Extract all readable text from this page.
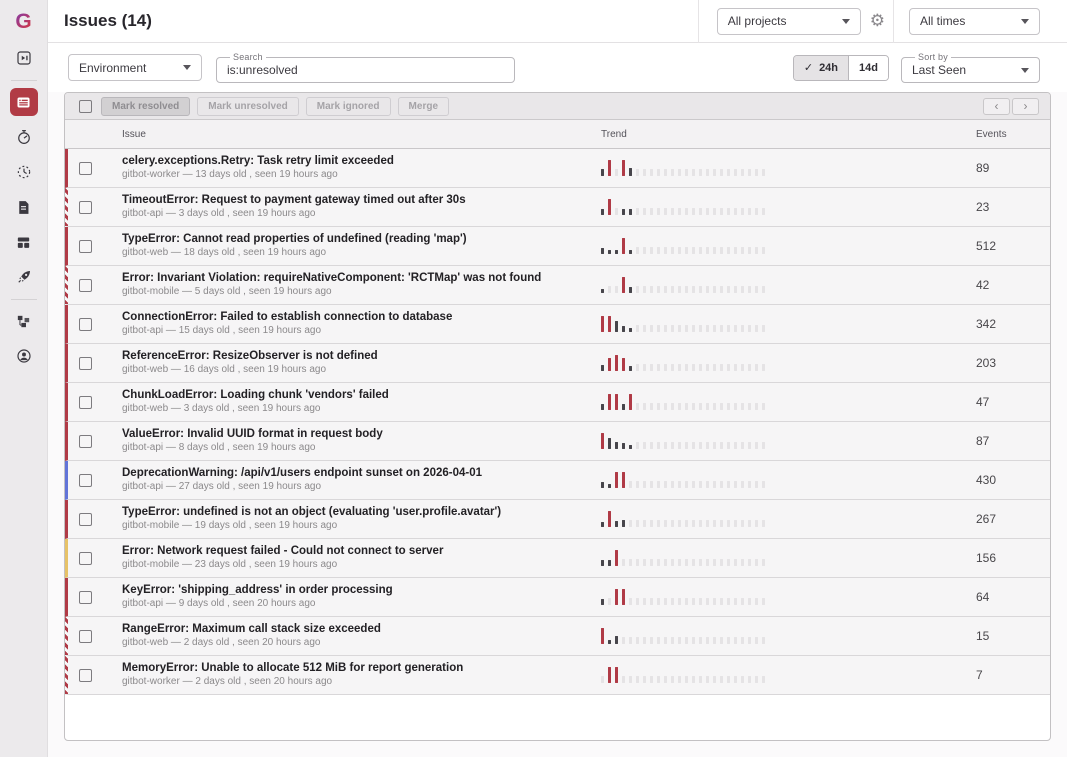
G Issues (14)	All projects	⚙	All times
Environment
Search
is:unresolved	✓ 24h 14d
Sort by
Last Seen
Mark resolved	Mark unresolved	Mark ignored	Merge	‹	›
Issue	Trend	Events
celery.exceptions.Retry: Task retry limit exceeded
gitbot-worker — 13 days old , seen 19 hours ago	89
TimeoutError: Request to payment gateway timed out after 30s
gitbot-api — 3 days old , seen 19 hours ago	23
TypeError: Cannot read properties of undefined (reading 'map')
gitbot-web — 18 days old , seen 19 hours ago	512
Error: Invariant Violation: requireNativeComponent: 'RCTMap' was not found
gitbot-mobile — 5 days old , seen 19 hours ago	42
ConnectionError: Failed to establish connection to database
gitbot-api — 15 days old , seen 19 hours ago	342
ReferenceError: ResizeObserver is not defined
gitbot-web — 16 days old , seen 19 hours ago	203
ChunkLoadError: Loading chunk 'vendors' failed
gitbot-web — 3 days old , seen 19 hours ago	47
ValueError: Invalid UUID format in request body
gitbot-api — 8 days old , seen 19 hours ago	87
DeprecationWarning: /api/v1/users endpoint sunset on 2026-04-01
gitbot-api — 27 days old , seen 19 hours ago	430
TypeError: undefined is not an object (evaluating 'user.profile.avatar')
gitbot-mobile — 19 days old , seen 19 hours ago	267
Error: Network request failed - Could not connect to server
gitbot-mobile — 23 days old , seen 19 hours ago	156
KeyError: 'shipping_address' in order processing
gitbot-api — 9 days old , seen 20 hours ago	64
RangeError: Maximum call stack size exceeded
gitbot-web — 2 days old , seen 20 hours ago	15
MemoryError: Unable to allocate 512 MiB for report generation
gitbot-worker — 2 days old , seen 20 hours ago	7
